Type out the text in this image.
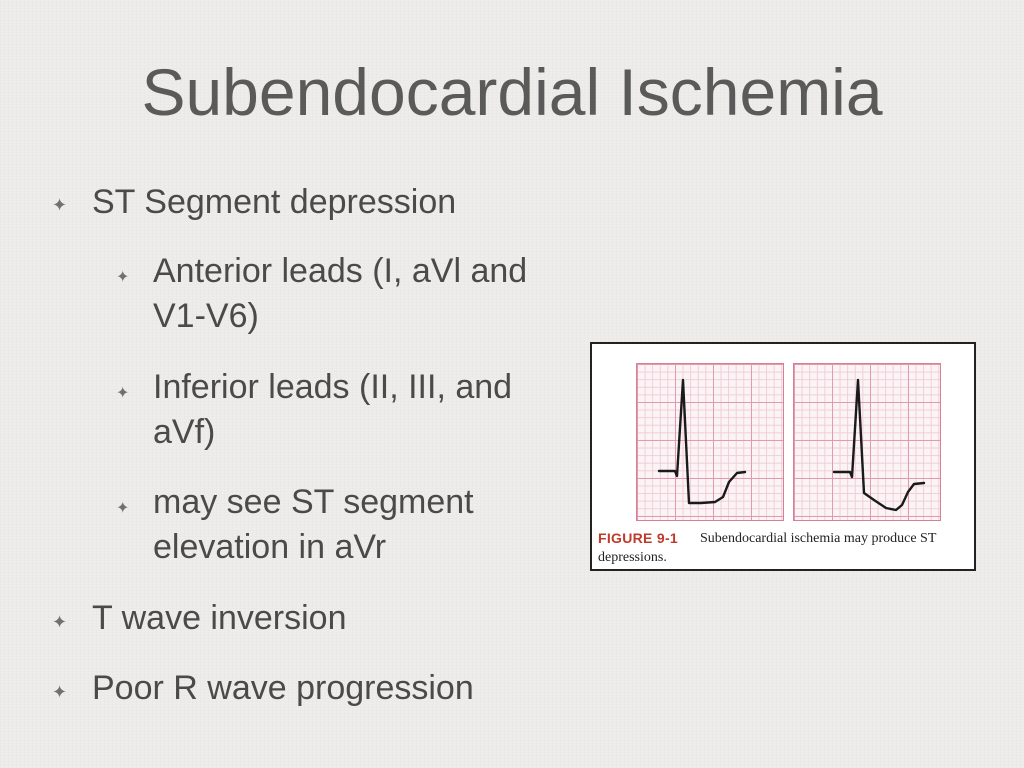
Subendocardial Ischemia
✦ ST Segment depression
✦ Anterior leads (I, aVl and
V1-V6)
✦ Inferior leads (II, III, and
aVf)
✦ may see ST segment
elevation in aVr
✦ T wave inversion
✦ Poor R wave progression
FIGURE 9-1 Subendocardial ischemia may produce ST
depressions.
